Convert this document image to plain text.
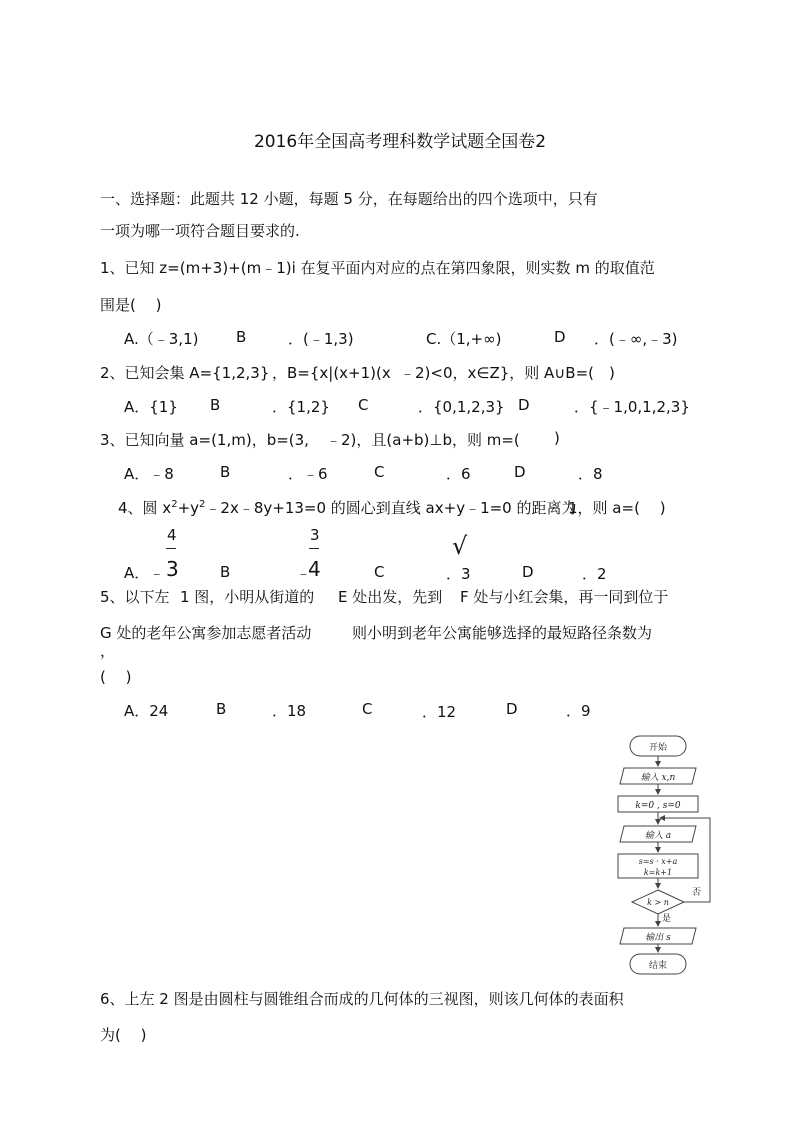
2016年全国高考理科数学试题全国卷2
一、选择题：此题共 12 小题，每题 5 分，在每题给出的四个选项中，只有
一项为哪一项符合题目要求的.
1、已知 z=(m+3)+(m﹣1)i 在复平面内对应的点在第四象限，则实数 m 的取值范
围是(　 )
A.（﹣3,1)	B	．(﹣1,3)	C.（1,+∞)	D ．(﹣∞,﹣3)
2、已知会集 A={1,2,3} ，B={x|(x+1)(x ﹣2)<0，x∈Z}，则 A∪B=(　)
A．{1} B	．{1,2} C	．{0,1,2,3} D	．{﹣1,0,1,2,3}
3、已知向量 a=(1,m)，b=(3, ﹣2)，且(a+b)⊥b，则 m=( )
A．﹣8	B	．﹣6	C	．6	D	．8
4、圆 $x^2+y^2﹣2x﹣8y+13=0$ 的圆心到直线 ax+y﹣1=0 的距离为
1，则 a=(　 )
A．﹣
4
3	B	﹣
3
4	C
√
．3	D	．2
5、以下左 1 图，小明从街道的 E 处出发，先到 F 处与小红会集，再一同到位于
G 处的老年公寓参加志愿者活动	则小明到老年公寓能够选择的最短路径条数为
，
(　 )
A．24	B	．18	C	．12	D	．9
开始
输入 x,n
k=0 , s=0
输入 a
s=s · x+a
k=k+1
k > n
否
是
输出 s
结束
6、上左 2 图是由圆柱与圆锥组合而成的几何体的三视图，则该几何体的表面积
为(　 )
